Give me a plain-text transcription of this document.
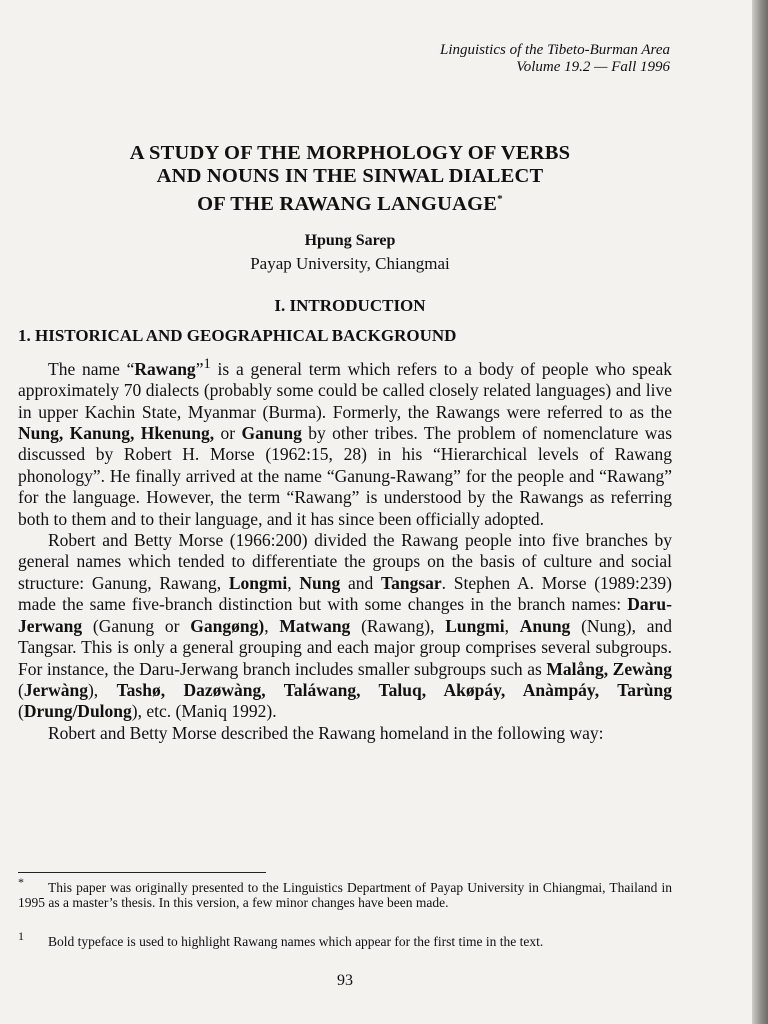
Linguistics of the Tibeto-Burman Area
Volume 19.2 — Fall 1996
A STUDY OF THE MORPHOLOGY OF VERBS
AND NOUNS IN THE SINWAL DIALECT
OF THE RAWANG LANGUAGE*
Hpung Sarep
Payap University, Chiangmai
I. INTRODUCTION
1. HISTORICAL AND GEOGRAPHICAL BACKGROUND

The name “Rawang”$^1$ is a general term which refers to a body of people who speak approximately 70 dialects (probably some could be called closely related languages) and live in upper Kachin State, Myanmar (Burma). Formerly, the Rawangs were referred to as the Nung, Kanung, Hkenung, or Ganung by other tribes. The problem of nomenclature was discussed by Robert H. Morse (1962:15, 28) in his “Hierarchical levels of Rawang phonology”. He finally arrived at the name “Ganung-Rawang” for the people and “Rawang” for the language. However, the term “Rawang” is understood by the Rawangs as referring both to them and to their language, and it has since been officially adopted.

Robert and Betty Morse (1966:200) divided the Rawang people into five branches by general names which tended to differentiate the groups on the basis of culture and social structure: Ganung, Rawang, Longmi, Nung and Tangsar. Stephen A. Morse (1989:239) made the same five-branch distinction but with some changes in the branch names: Daru-Jerwang (Ganung or Gangøng), Matwang (Rawang), Lungmi, Anung (Nung), and Tangsar. This is only a general grouping and each major group comprises several subgroups. For instance, the Daru-Jerwang branch includes smaller subgroups such as Malång, Zewàng (Jerwàng), Tashø, Dazøwàng, Taláwang, Taluq, Akøpáy, Anàmpáy, Tarùng (Drung/Dulong), etc. (Maniq 1992).

Robert and Betty Morse described the Rawang homeland in the following way:

*	This paper was originally presented to the Linguistics Department of Payap University in Chiangmai, Thailand in 1995 as a master’s thesis. In this version, a few minor changes have been made.

1	Bold typeface is used to highlight Rawang names which appear for the first time in the text.

93
